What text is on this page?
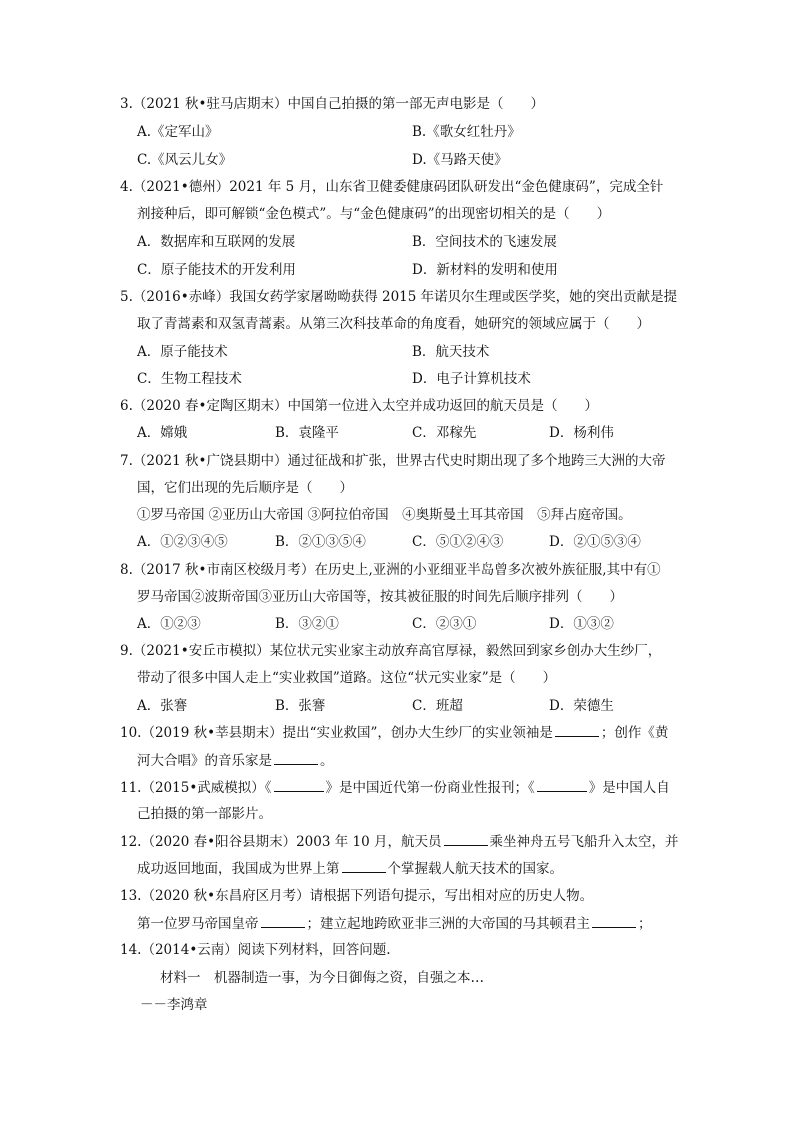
3.（2021 秋•驻马店期末）中国自己拍摄的第一部无声电影是（　　）
A.《定军山》	B.《歌女红牡丹》
C.《风云儿女》	D.《马路天使》
4.（2021•德州）2021 年 5 月，山东省卫健委健康码团队研发出“金色健康码”，完成全针
剂接种后，即可解锁“金色模式”。与“金色健康码”的出现密切相关的是（　　）
A．数据库和互联网的发展	B．空间技术的飞速发展
C．原子能技术的开发利用	D．新材料的发明和使用
5.（2016•赤峰）我国女药学家屠呦呦获得 2015 年诺贝尔生理或医学奖，她的突出贡献是提
取了青蒿素和双氢青蒿素。从第三次科技革命的角度看，她研究的领域应属于（　　）
A．原子能技术	B．航天技术
C．生物工程技术	D．电子计算机技术
6.（2020 春•定陶区期末）中国第一位进入太空并成功返回的航天员是（　　）
A．嫦娥	B．袁隆平	C．邓稼先	D．杨利伟
7.（2021 秋•广饶县期中）通过征战和扩张，世界古代史时期出现了多个地跨三大洲的大帝
国，它们出现的先后顺序是（　　）
①罗马帝国 ②亚历山大帝国 ③阿拉伯帝国　④奥斯曼土耳其帝国　⑤拜占庭帝国。
A．①②③④⑤	B．②①③⑤④	C．⑤①②④③	D．②①⑤③④
8.（2017 秋•市南区校级月考）在历史上,亚洲的小亚细亚半岛曾多次被外族征服,其中有①
罗马帝国②波斯帝国③亚历山大帝国等，按其被征服的时间先后顺序排列（　　）
A．①②③	B．③②①	C．②③①	D．①③②
9.（2021•安丘市模拟）某位状元实业家主动放弃高官厚禄，毅然回到家乡创办大生纱厂，
带动了很多中国人走上“实业救国”道路。这位“状元实业家”是（　　）
A．张謇	B．张謇	C．班超	D．荣德生
10.（2019 秋•莘县期末）提出“实业救国”，创办大生纱厂的实业领袖是	；创作《黄
河大合唱》的音乐家是	。
11.（2015•武威模拟）《	》是中国近代第一份商业性报刊；《	》是中国人自
己拍摄的第一部影片。
12.（2020 春•阳谷县期末）2003 年 10 月，航天员	乘坐神舟五号飞船升入太空，并
成功返回地面，我国成为世界上第	个掌握载人航天技术的国家。
13.（2020 秋•东昌府区月考）请根据下列语句提示，写出相对应的历史人物。
第一位罗马帝国皇帝	；建立起地跨欧亚非三洲的大帝国的马其顿君主	；
14.（2014•云南）阅读下列材料，回答问题.
材料一　机器制造一事，为今日御侮之资，自强之本…
－－李鸿章
